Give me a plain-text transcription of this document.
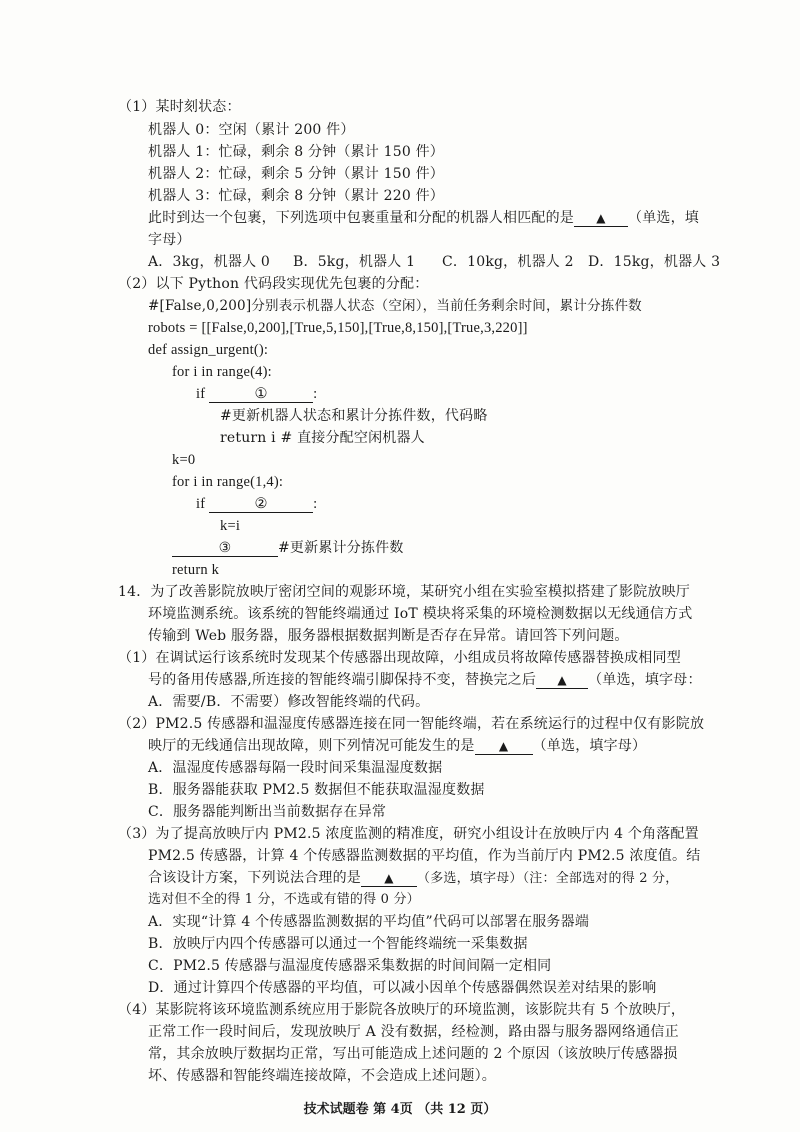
（1）某时刻状态：
机器人 0：空闲（累计 200 件）
机器人 1：忙碌，剩余 8 分钟（累计 150 件）
机器人 2：忙碌，剩余 5 分钟（累计 150 件）
机器人 3：忙碌，剩余 8 分钟（累计 220 件）
此时到达一个包裹，下列选项中包裹重量和分配的机器人相匹配的是 ▲ （单选，填
字母）
A．3kg，机器人 0 B．5kg，机器人 1 C．10kg，机器人 2 D．15kg，机器人 3
（2）以下 Python 代码段实现优先包裹的分配：
#[False,0,200]分别表示机器人状态（空闲），当前任务剩余时间，累计分拣件数
robots = [[False,0,200],[True,5,150],[True,8,150],[True,3,220]]
def assign_urgent():
for i in range(4):
if	①	:
#更新机器人状态和累计分拣件数，代码略
return i # 直接分配空闲机器人
k=0
for i in range(1,4):
if	②	:
k=i
③	#更新累计分拣件数
return k
14．为了改善影院放映厅密闭空间的观影环境，某研究小组在实验室模拟搭建了影院放映厅
环境监测系统。该系统的智能终端通过 IoT 模块将采集的环境检测数据以无线通信方式
传输到 Web 服务器，服务器根据数据判断是否存在异常。请回答下列问题。
（1）在调试运行该系统时发现某个传感器出现故障，小组成员将故障传感器替换成相同型
号的备用传感器,所连接的智能终端引脚保持不变，替换完之后 ▲ （单选，填字母：
A．需要/B．不需要）修改智能终端的代码。
（2）PM2.5 传感器和温湿度传感器连接在同一智能终端，若在系统运行的过程中仅有影院放
映厅的无线通信出现故障，则下列情况可能发生的是 ▲ （单选，填字母）
A．温湿度传感器每隔一段时间采集温湿度数据
B．服务器能获取 PM2.5 数据但不能获取温湿度数据
C．服务器能判断出当前数据存在异常
（3）为了提高放映厅内 PM2.5 浓度监测的精准度，研究小组设计在放映厅内 4 个角落配置
PM2.5 传感器，计算 4 个传感器监测数据的平均值，作为当前厅内 PM2.5 浓度值。结
合该设计方案，下列说法合理的是 ▲ （多选，填字母）（注：全部选对的得 2 分，
选对但不全的得 1 分，不选或有错的得 0 分）
A．实现“计算 4 个传感器监测数据的平均值”代码可以部署在服务器端
B．放映厅内四个传感器可以通过一个智能终端统一采集数据
C．PM2.5 传感器与温湿度传感器采集数据的时间间隔一定相同
D．通过计算四个传感器的平均值，可以减小因单个传感器偶然误差对结果的影响
（4）某影院将该环境监测系统应用于影院各放映厅的环境监测，该影院共有 5 个放映厅，
正常工作一段时间后，发现放映厅 A 没有数据，经检测，路由器与服务器网络通信正
常，其余放映厅数据均正常，写出可能造成上述问题的 2 个原因（该放映厅传感器损
坏、传感器和智能终端连接故障，不会造成上述问题）。
技术试题卷 第 4页 （共 12 页）
